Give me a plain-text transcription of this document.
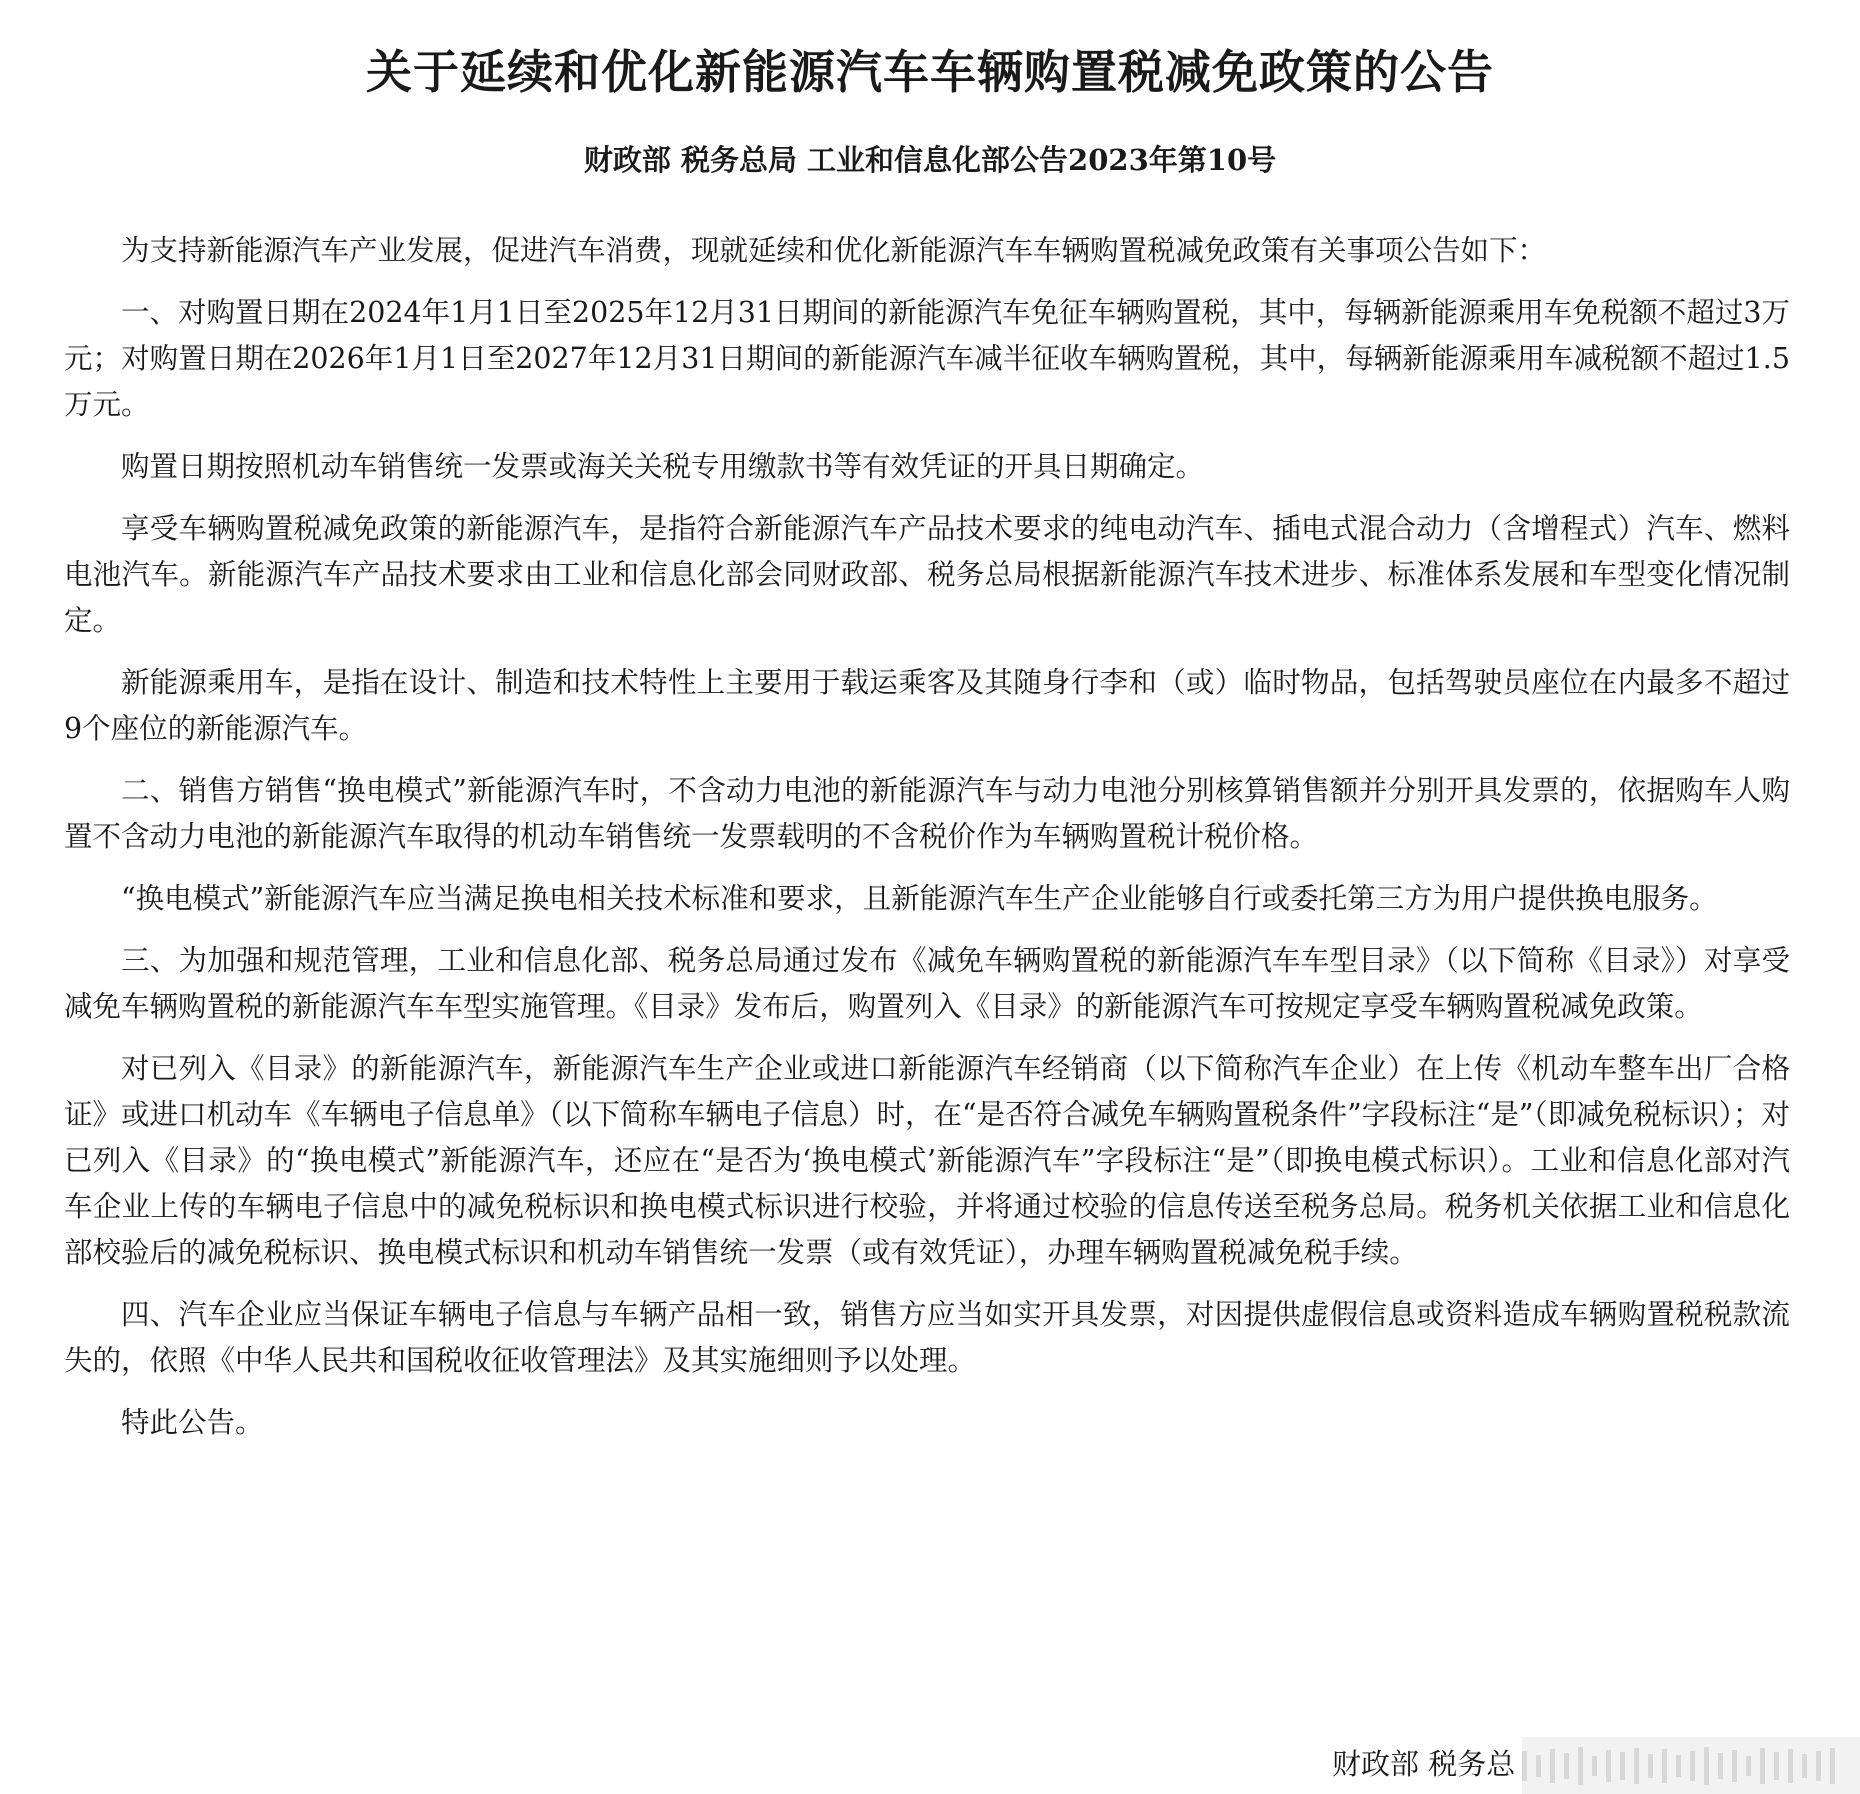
关于延续和优化新能源汽车车辆购置税减免政策的公告
财政部 税务总局 工业和信息化部公告2023年第10号

为支持新能源汽车产业发展，促进汽车消费，现就延续和优化新能源汽车车辆购置税减免政策有关事项公告如下：

一、对购置日期在2024年1月1日至2025年12月31日期间的新能源汽车免征车辆购置税，其中，每辆新能源乘用车免税额不超过3万元；对购置日期在2026年1月1日至2027年12月31日期间的新能源汽车减半征收车辆购置税，其中，每辆新能源乘用车减税额不超过1.5万元。

购置日期按照机动车销售统一发票或海关关税专用缴款书等有效凭证的开具日期确定。

享受车辆购置税减免政策的新能源汽车，是指符合新能源汽车产品技术要求的纯电动汽车、插电式混合动力（含增程式）汽车、燃料电池汽车。新能源汽车产品技术要求由工业和信息化部会同财政部、税务总局根据新能源汽车技术进步、标准体系发展和车型变化情况制定。

新能源乘用车，是指在设计、制造和技术特性上主要用于载运乘客及其随身行李和（或）临时物品，包括驾驶员座位在内最多不超过9个座位的新能源汽车。

二、销售方销售“换电模式”新能源汽车时，不含动力电池的新能源汽车与动力电池分别核算销售额并分别开具发票的，依据购车人购置不含动力电池的新能源汽车取得的机动车销售统一发票载明的不含税价作为车辆购置税计税价格。

“换电模式”新能源汽车应当满足换电相关技术标准和要求，且新能源汽车生产企业能够自行或委托第三方为用户提供换电服务。

三、为加强和规范管理，工业和信息化部、税务总局通过发布《减免车辆购置税的新能源汽车车型目录》（以下简称《目录》）对享受减免车辆购置税的新能源汽车车型实施管理。《目录》发布后，购置列入《目录》的新能源汽车可按规定享受车辆购置税减免政策。

对已列入《目录》的新能源汽车，新能源汽车生产企业或进口新能源汽车经销商（以下简称汽车企业）在上传《机动车整车出厂合格证》或进口机动车《车辆电子信息单》（以下简称车辆电子信息）时，在“是否符合减免车辆购置税条件”字段标注“是”（即减免税标识）；对已列入《目录》的“换电模式”新能源汽车，还应在“是否为‘换电模式’新能源汽车”字段标注“是”（即换电模式标识）。工业和信息化部对汽车企业上传的车辆电子信息中的减免税标识和换电模式标识进行校验，并将通过校验的信息传送至税务总局。税务机关依据工业和信息化部校验后的减免税标识、换电模式标识和机动车销售统一发票（或有效凭证），办理车辆购置税减免税手续。

四、汽车企业应当保证车辆电子信息与车辆产品相一致，销售方应当如实开具发票，对因提供虚假信息或资料造成车辆购置税税款流失的，依照《中华人民共和国税收征收管理法》及其实施细则予以处理。

特此公告。

财政部 税务总
